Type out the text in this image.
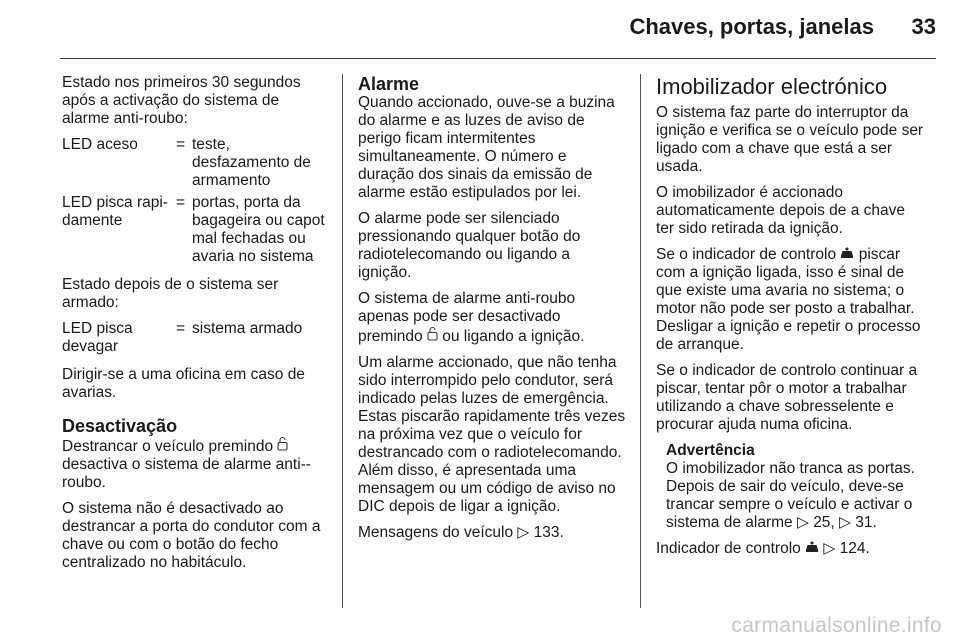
Chaves, portas, janelas 33

Estado nos primeiros 30 segundos após a activação do sistema de alarme anti-roubo:

LED aceso	=	teste, desfazamento de armamento
LED pisca rapi-damente	=	portas, porta da bagageira ou capot mal fechadas ou avaria no sistema

Estado depois de o sistema ser armado:

LED pisca devagar	=	sistema armado

Dirigir-se a uma oficina em caso de avarias.

Desactivação

Destrancar o veículo premindo  desactiva o sistema de alarme anti--roubo.

O sistema não é desactivado ao destrancar a porta do condutor com a chave ou com o botão do fecho centralizado no habitáculo.

Alarme

Quando accionado, ouve-se a buzina do alarme e as luzes de aviso de perigo ficam intermitentes simultaneamente. O número e duração dos sinais da emissão de alarme estão estipulados por lei.

O alarme pode ser silenciado pressionando qualquer botão do radiotelecomando ou ligando a ignição.

O sistema de alarme anti-roubo apenas pode ser desactivado premindo ou ligando a ignição.

Um alarme accionado, que não tenha sido interrompido pelo condutor, será indicado pelas luzes de emergência. Estas piscarão rapidamente três vezes na próxima vez que o veículo for destrancado com o radiotelecomando. Além disso, é apresentada uma mensagem ou um código de aviso no DIC depois de ligar a ignição.

Mensagens do veículo ▷ 133.

Imobilizador electrónico

O sistema faz parte do interruptor da ignição e verifica se o veículo pode ser ligado com a chave que está a ser usada.

O imobilizador é accionado automaticamente depois de a chave ter sido retirada da ignição.

Se o indicador de controlo piscar com a ignição ligada, isso é sinal de que existe uma avaria no sistema; o motor não pode ser posto a trabalhar. Desligar a ignição e repetir o processo de arranque.

Se o indicador de controlo continuar a piscar, tentar pôr o motor a trabalhar utilizando a chave sobresselente e procurar ajuda numa oficina.

Advertência
O imobilizador não tranca as portas. Depois de sair do veículo, deve-se trancar sempre o veículo e activar o sistema de alarme ▷ 25, ▷ 31.

Indicador de controlo ▷ 124.

carmanualsonline.info
